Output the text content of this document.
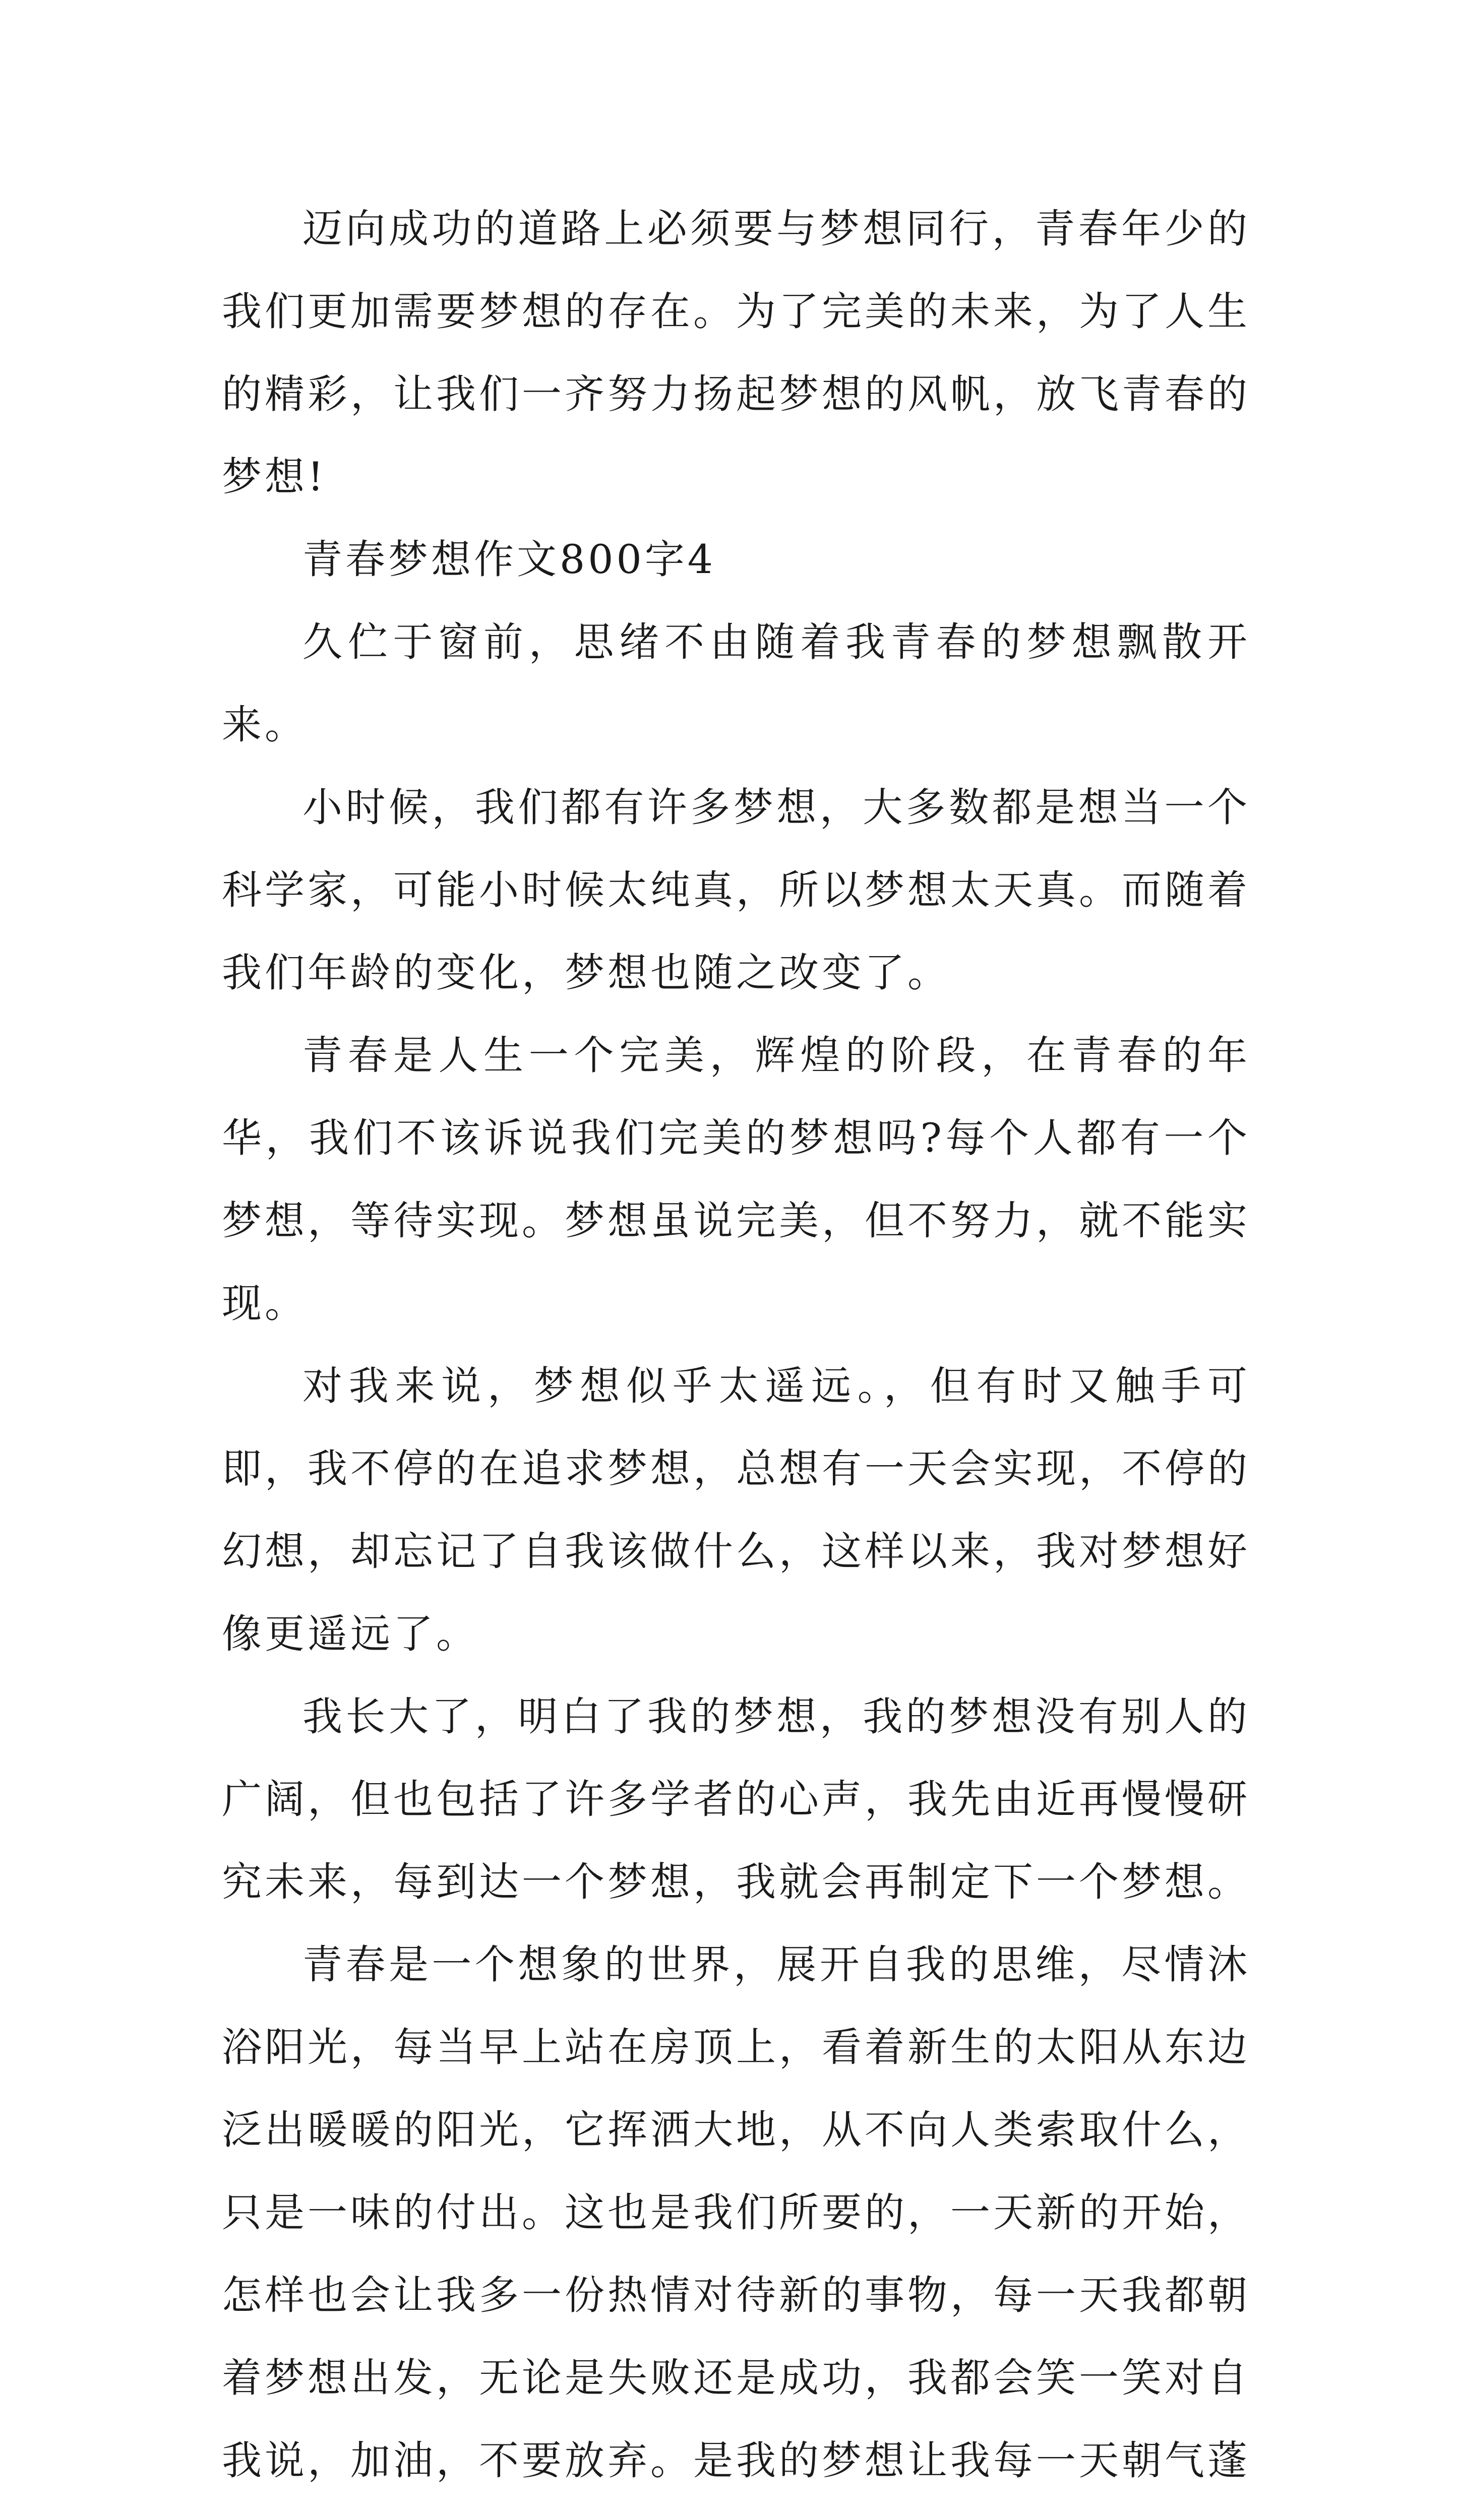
迈向成功的道路上必须要与梦想同行，青春年少的我们更加需要梦想的存在。为了完美的未来，为了人生的精彩，让我们一齐努力扬起梦想的风帆，放飞青春的梦想!

青春梦想作文800字4

久伫于窗前，思绪不由随着我青春的梦想飘散开来。

小时候，我们都有许多梦想，大多数都是想当一个科学家，可能小时候太纯真，所以梦想太天真。而随着我们年龄的变化，梦想也随之改变了。

青春是人生一个完美，辉煌的阶段，在青春的年华，我们不该诉说我们完美的梦想吗?每个人都有一个梦想，等待实现。梦想虽说完美，但不努力，就不能实现。

对我来说，梦想似乎太遥远。，但有时又触手可即，我不停的在追求梦想，总想有一天会实现，不停的幻想，却忘记了自我该做什么，这样以来，我对梦想好像更遥远了。

我长大了，明白了我的梦想，我的梦想没有别人的广阔，但也包括了许多学者的心声，我先由近再慢慢研究未来，每到达一个梦想，我就会再制定下一个梦想。

青春是一个想象的世界，展开自我的思维，尽情沐浴阳光，每当早上站在房顶上，看着新生的太阳从东边泛出暖暖的阳光，它挥洒大地，从不向人类索取什么，只是一味的付出。这也是我们所要的，一天新的开始，怎样也会让我多一份热情对待新的事物，每一天我都朝着梦想出发，无论是失败还是成功，我都会笑一笑对自我说，加油，不要放弃。是我的梦想让我每一天朝气蓬
